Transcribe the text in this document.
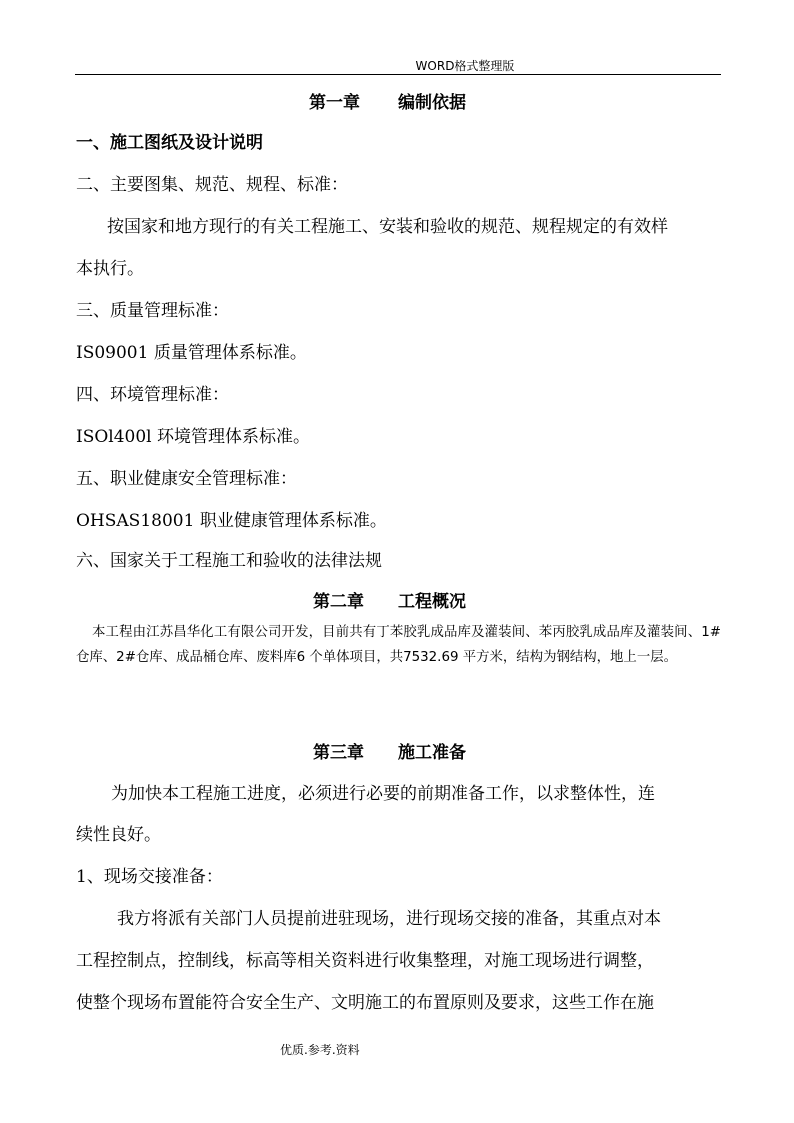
WORD格式整理版
第一章 编制依据
一、施工图纸及设计说明
二、主要图集、规范、规程、标准：
按国家和地方现行的有关工程施工、安装和验收的规范、规程规定的有效样
本执行。
三、质量管理标准：
IS09001 质量管理体系标准。
四、环境管理标准：
ISOl400l 环境管理体系标准。
五、职业健康安全管理标准：
OHSAS18001 职业健康管理体系标准。
六、国家关于工程施工和验收的法律法规
第二章 工程概况
本工程由江苏昌华化工有限公司开发，目前共有丁苯胶乳成品库及灌装间、苯丙胶乳成品库及灌装间、1#仓库、2#仓库、成品桶仓库、废料库6 个单体项目，共7532.69 平方米，结构为钢结构，地上一层。
第三章 施工准备
为加快本工程施工进度，必须进行必要的前期准备工作，以求整体性，连
续性良好。
1、现场交接准备：
我方将派有关部门人员提前进驻现场，进行现场交接的准备，其重点对本
工程控制点，控制线，标高等相关资料进行收集整理，对施工现场进行调整，
使整个现场布置能符合安全生产、文明施工的布置原则及要求，这些工作在施
优质.参考.资料
